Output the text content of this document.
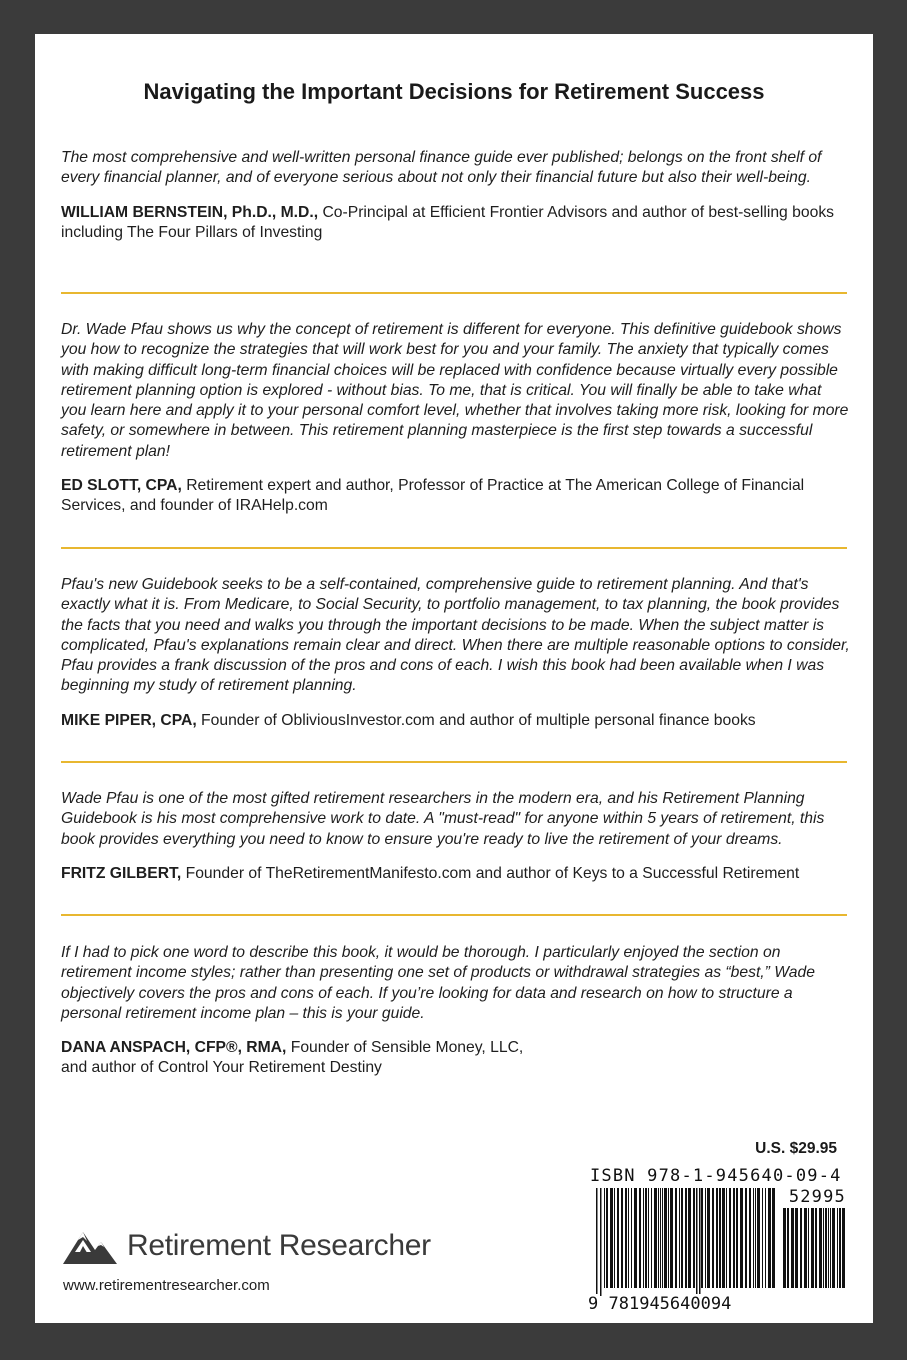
Navigating the Important Decisions for Retirement Success

The most comprehensive and well-written personal finance guide ever published; belongs on the front shelf of every financial planner, and of everyone serious about not only their financial future but also their well-being.

WILLIAM BERNSTEIN, Ph.D., M.D., Co-Principal at Efficient Frontier Advisors and author of best-selling books including The Four Pillars of Investing

Dr. Wade Pfau shows us why the concept of retirement is different for everyone. This definitive guidebook shows you how to recognize the strategies that will work best for you and your family. The anxiety that typically comes with making difficult long-term financial choices will be replaced with confidence because virtually every possible retirement planning option is explored - without bias. To me, that is critical. You will finally be able to take what you learn here and apply it to your personal comfort level, whether that involves taking more risk, looking for more safety, or somewhere in between. This retirement planning masterpiece is the first step towards a successful retirement plan!

ED SLOTT, CPA, Retirement expert and author, Professor of Practice at The American College of Financial Services, and founder of IRAHelp.com

Pfau's new Guidebook seeks to be a self-contained, comprehensive guide to retirement planning. And that's exactly what it is. From Medicare, to Social Security, to portfolio management, to tax planning, the book provides the facts that you need and walks you through the important decisions to be made. When the subject matter is complicated, Pfau's explanations remain clear and direct. When there are multiple reasonable options to consider, Pfau provides a frank discussion of the pros and cons of each. I wish this book had been available when I was beginning my study of retirement planning.

MIKE PIPER, CPA, Founder of ObliviousInvestor.com and author of multiple personal finance books

Wade Pfau is one of the most gifted retirement researchers in the modern era, and his Retirement Planning Guidebook is his most comprehensive work to date. A "must-read" for anyone within 5 years of retirement, this book provides everything you need to know to ensure you're ready to live the retirement of your dreams.

FRITZ GILBERT, Founder of TheRetirementManifesto.com and author of Keys to a Successful Retirement

If I had to pick one word to describe this book, it would be thorough. I particularly enjoyed the section on retirement income styles; rather than presenting one set of products or withdrawal strategies as “best,” Wade objectively covers the pros and cons of each. If you’re looking for data and research on how to structure a personal retirement income plan – this is your guide.

DANA ANSPACH, CFP®, RMA, Founder of Sensible Money, LLC,
and author of Control Your Retirement Destiny

U.S. $29.95
ISBN 978-1-945640-09-4
52995
9 781945640094
Retirement Researcher
www.retirementresearcher.com
